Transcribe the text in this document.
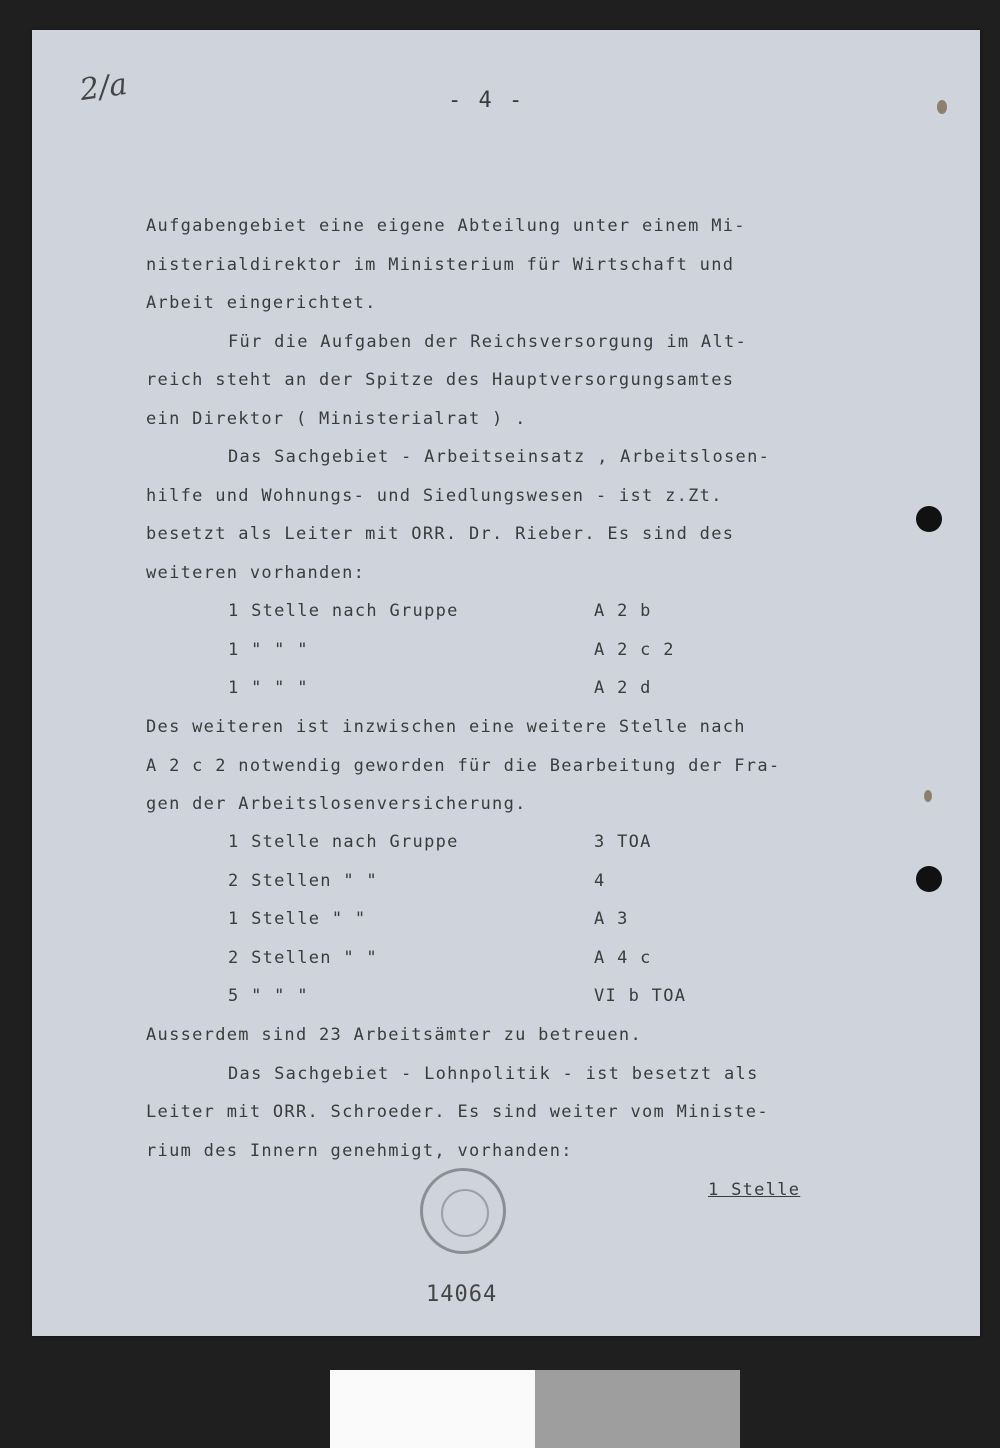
2/a	- 4 -
Aufgabengebiet eine eigene Abteilung unter einem Mi-
nisterialdirektor im Ministerium für Wirtschaft und
Arbeit eingerichtet.
Für die Aufgaben der Reichsversorgung im Alt-
reich steht an der Spitze des Hauptversorgungsamtes
ein Direktor ( Ministerialrat ) .
Das Sachgebiet - Arbeitseinsatz , Arbeitslosen-
hilfe und Wohnungs- und Siedlungswesen - ist z.Zt.
besetzt als Leiter mit ORR. Dr. Rieber. Es sind des
weiteren vorhanden:
1 Stelle nach Gruppe	A 2 b
1 " " "	A 2 c 2
1 " " "	A 2 d
Des weiteren ist inzwischen eine weitere Stelle nach
A 2 c 2 notwendig geworden für die Bearbeitung der Fra-
gen der Arbeitslosenversicherung.
1 Stelle nach Gruppe	3 TOA
2 Stellen " "	4
1 Stelle " "	A 3
2 Stellen " "	A 4 c
5 " " "	VI b TOA
Ausserdem sind 23 Arbeitsämter zu betreuen.
Das Sachgebiet - Lohnpolitik - ist besetzt als
Leiter mit ORR. Schroeder. Es sind weiter vom Ministe-
rium des Innern genehmigt, vorhanden:
1 Stelle
14064
